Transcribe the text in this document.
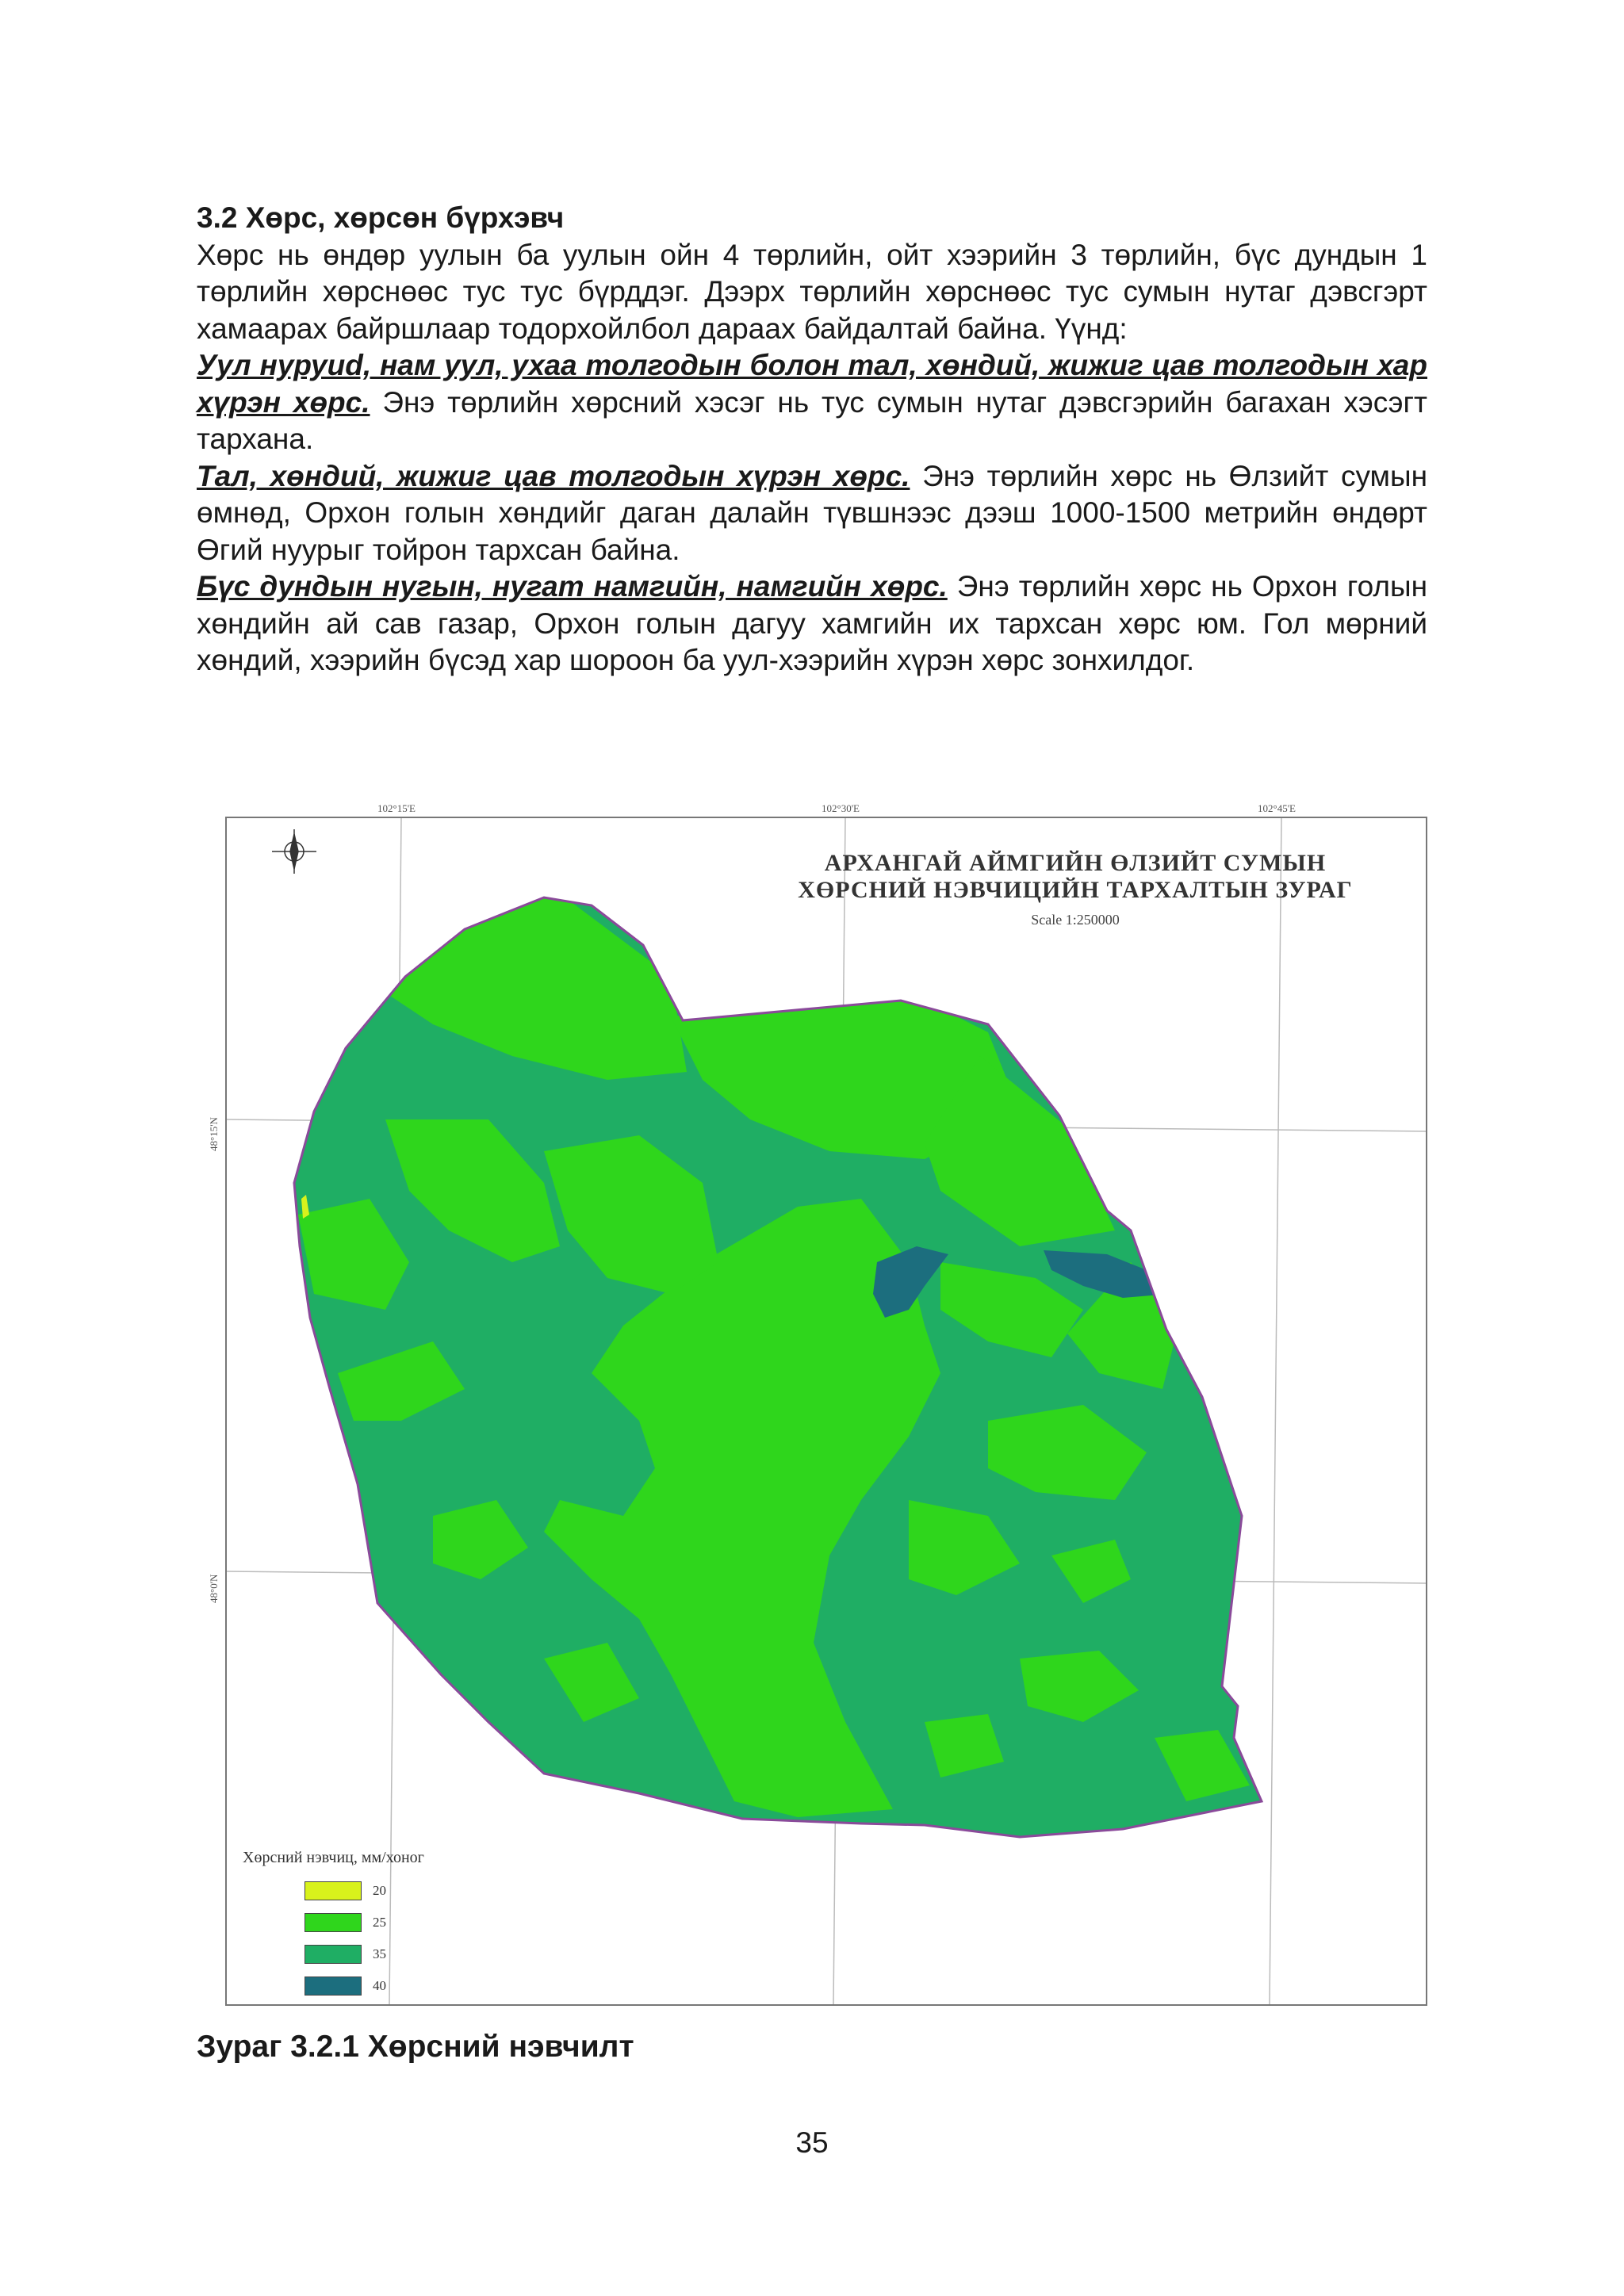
3.2 Хөрс, хөрсөн бүрхэвч

Хөрс нь өндөр уулын ба уулын ойн 4 төрлийн, ойт хээрийн 3 төрлийн, бүс дундын 1 төрлийн хөрснөөс тус тус бүрддэг. Дээрх төрлийн хөрснөөс тус сумын нутаг дэвсгэрт хамаарах байршлаар тодорхойлбол дараах байдалтай байна. Үүнд:

Уул нуруud, нам уул, ухаа толгодын болон тал, хөндий, жижиг цав толгодын хар хүрэн хөрс. Энэ төрлийн хөрсний хэсэг нь тус сумын нутаг дэвсгэрийн багахан хэсэгт тархана.

Тал, хөндий, жижиг цав толгодын хүрэн хөрс. Энэ төрлийн хөрс нь Өлзийт сумын өмнөд, Орхон голын хөндийг даган далайн түвшнээс дээш 1000-1500 метрийн өндөрт Өгий нуурыг тойрон тархсан байна.

Бүс дундын нугын, нугат намгийн, намгийн хөрс. Энэ төрлийн хөрс нь Орхон голын хөндийн ай сав газар, Орхон голын дагуу хамгийн их тархсан хөрс юм. Гол мөрний хөндий, хээрийн бүсэд хар шороон ба уул-хээрийн хүрэн хөрс зонхилдог.

АРХАНГАЙ АЙМГИЙН ӨЛЗИЙТ СУМЫН
ХӨРСНИЙ НЭВЧИЦИЙН ТАРХАЛТЫН ЗУРАГ
Scale 1:250000
102°15'E	102°30'E	102°45'E
48°15'N
48°0'N
Хөрсний нэвчиц, мм/хоног
20
25
35
40
Зураг 3.2.1 Хөрсний нэвчилт
35
